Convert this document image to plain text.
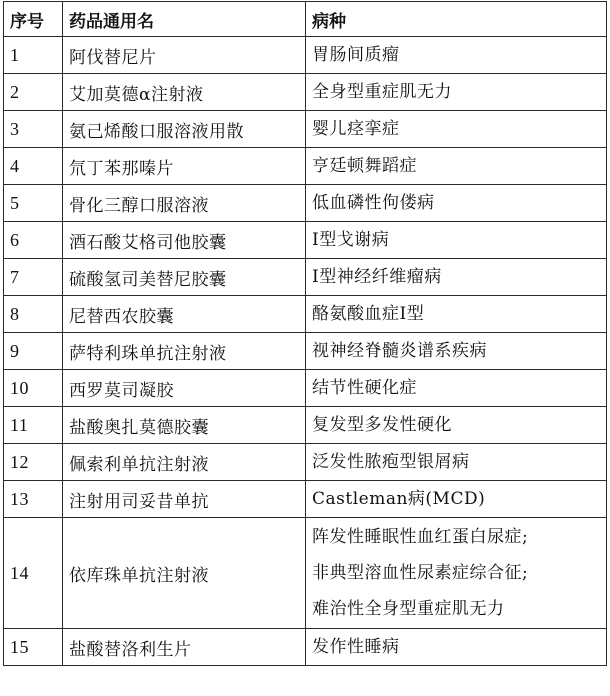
序号	药品通用名	病种
1	阿伐替尼片	胃肠间质瘤

2	艾加莫德α注射液	全身型重症肌无力

3	氨己烯酸口服溶液用散	婴儿痉挛症

4	氘丁苯那嗪片	亨廷顿舞蹈症

5	骨化三醇口服溶液	低血磷性佝偻病

6	酒石酸艾格司他胶囊	Ⅰ型戈谢病

7	硫酸氢司美替尼胶囊	Ⅰ型神经纤维瘤病

8	尼替西农胶囊	酪氨酸血症Ⅰ型

9	萨特利珠单抗注射液	视神经脊髓炎谱系疾病

10	西罗莫司凝胶	结节性硬化症

11	盐酸奥扎莫德胶囊	复发型多发性硬化

12	佩索利单抗注射液	泛发性脓疱型银屑病

13	注射用司妥昔单抗	Castleman病(MCD)

14	依库珠单抗注射液	阵发性睡眠性血红蛋白尿症;
非典型溶血性尿素症综合征;
难治性全身型重症肌无力

15	盐酸替洛利生片	发作性睡病
